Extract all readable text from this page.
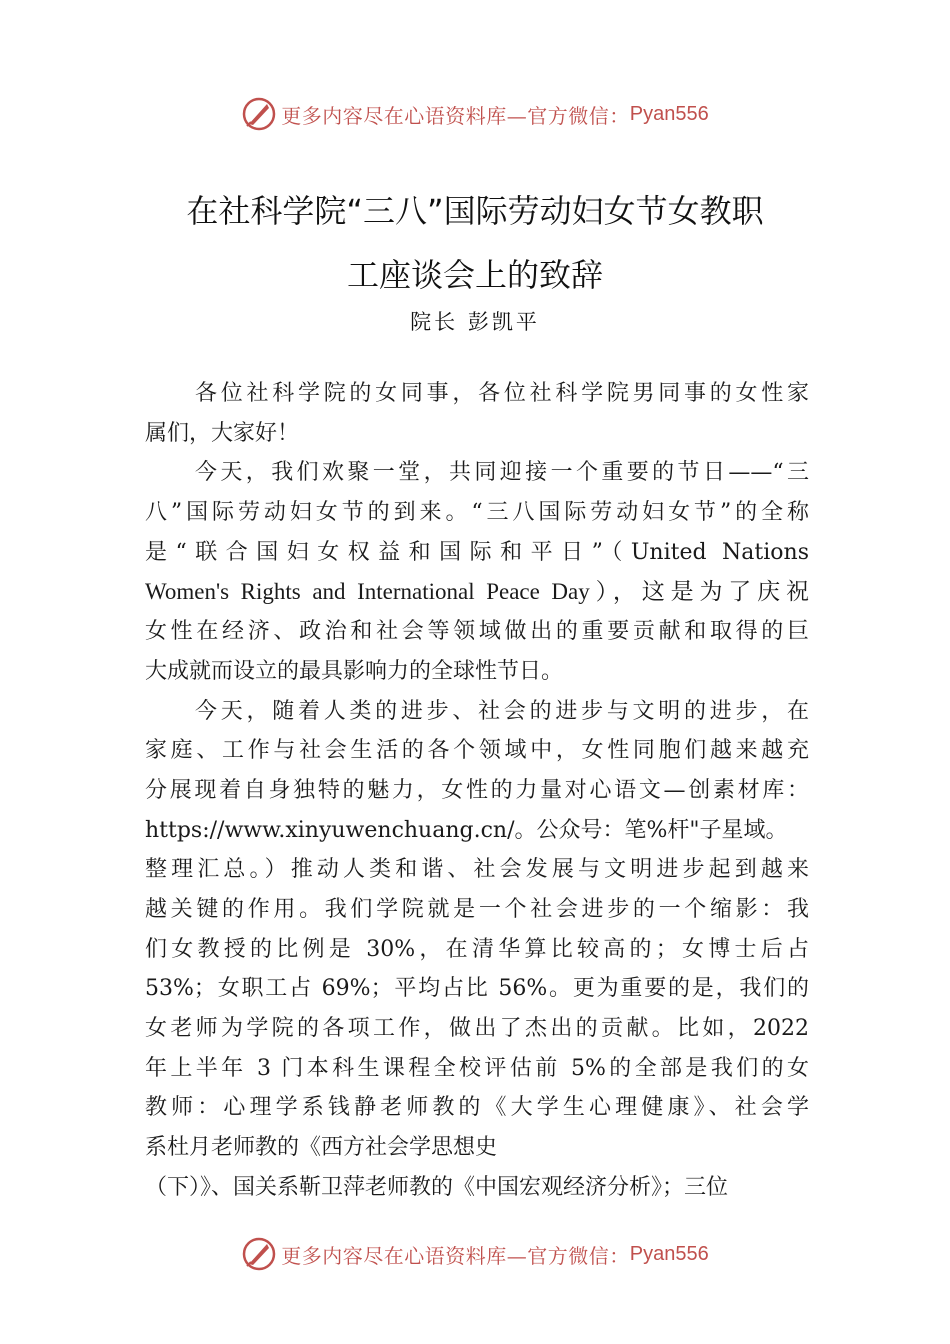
更多内容尽在心语资料库—官方微信： Pyan556
在社科学院“三八”国际劳动妇女节女教职
工座谈会上的致辞
院长 彭凯平
各位社科学院的女同事，各位社科学院男同事的女性家
属们，大家好！
今天，我们欢聚一堂，共同迎接一个重要的节日——“三
八”国际劳动妇女节的到来。“三八国际劳动妇女节”的全称
是“联合国妇女权益和国际和平日”（United Nations
Women's Rights and International Peace Day），这是为了庆祝
女性在经济、政治和社会等领域做出的重要贡献和取得的巨
大成就而设立的最具影响力的全球性节日。
今天，随着人类的进步、社会的进步与文明的进步，在
家庭、工作与社会生活的各个领域中，女性同胞们越来越充
分展现着自身独特的魅力，女性的力量对心语文—创素材库：
https://www.xinyuwenchuang.cn/。公众号：笔%杆"子星域。
整理汇总。）推动人类和谐、社会发展与文明进步起到越来
越关键的作用。我们学院就是一个社会进步的一个缩影：我
们女教授的比例是 30%，在清华算比较高的；女博士后占
53%；女职工占 69%；平均占比 56%。更为重要的是，我们的
女老师为学院的各项工作，做出了杰出的贡献。比如，2022
年上半年 3 门本科生课程全校评估前 5%的全部是我们的女
教师：心理学系钱静老师教的《大学生心理健康》、社会学
系杜月老师教的《西方社会学思想史
（下）》、国关系靳卫萍老师教的《中国宏观经济分析》；三位
更多内容尽在心语资料库—官方微信： Pyan556
